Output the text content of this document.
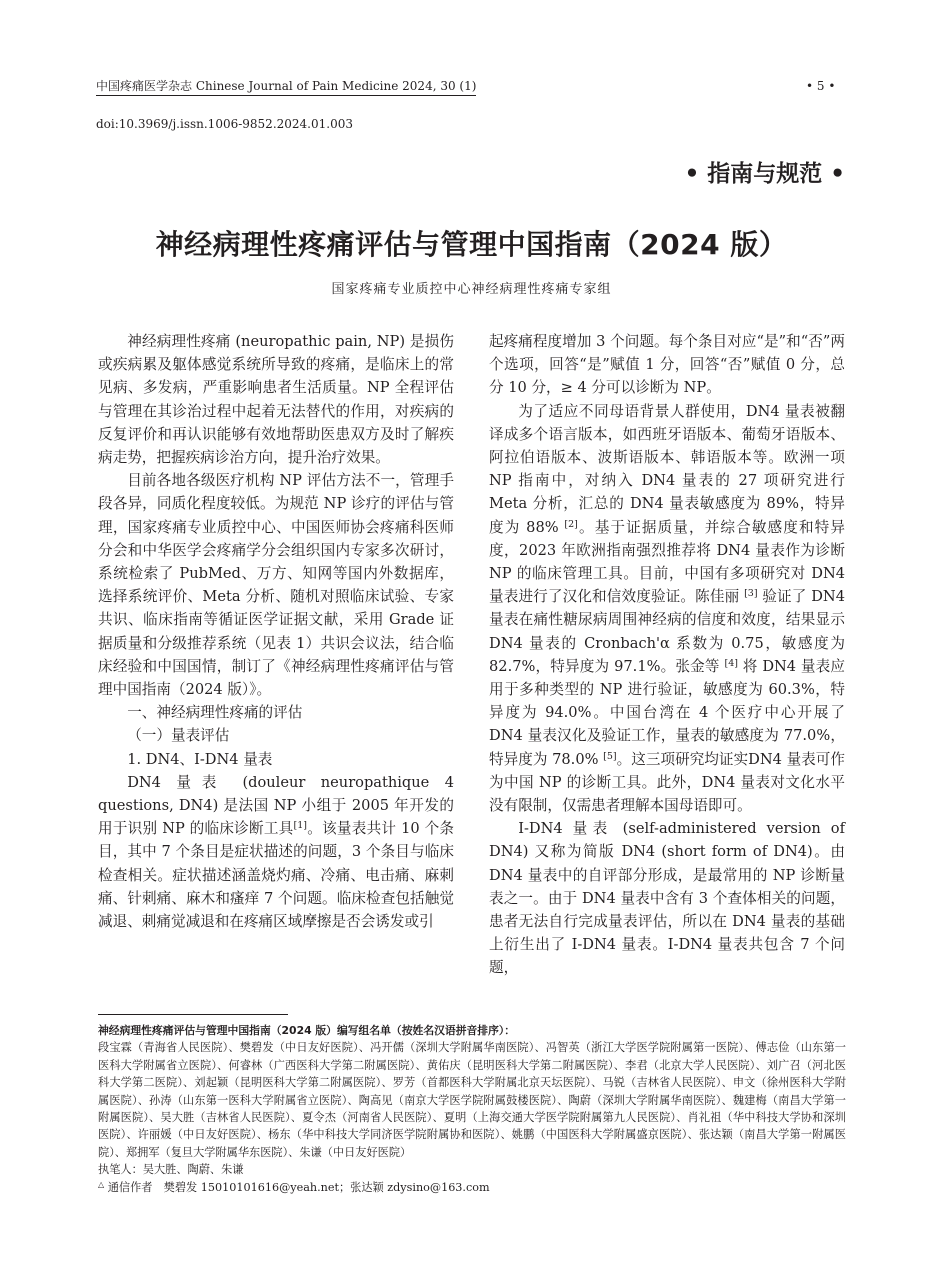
中国疼痛医学杂志 Chinese Journal of Pain Medicine 2024, 30 (1)	• 5 •
doi:10.3969/j.issn.1006-9852.2024.01.003
• 指南与规范 •
神经病理性疼痛评估与管理中国指南（2024 版）
国家疼痛专业质控中心神经病理性疼痛专家组

神经病理性疼痛 (neuropathic pain, NP) 是损伤或疾病累及躯体感觉系统所导致的疼痛，是临床上的常见病、多发病，严重影响患者生活质量。NP 全程评估与管理在其诊治过程中起着无法替代的作用，对疾病的反复评价和再认识能够有效地帮助医患双方及时了解疾病走势，把握疾病诊治方向，提升治疗效果。

目前各地各级医疗机构 NP 评估方法不一，管理手段各异，同质化程度较低。为规范 NP 诊疗的评估与管理，国家疼痛专业质控中心、中国医师协会疼痛科医师分会和中华医学会疼痛学分会组织国内专家多次研讨，系统检索了 PubMed、万方、知网等国内外数据库，选择系统评价、Meta 分析、随机对照临床试验、专家共识、临床指南等循证医学证据文献，采用 Grade 证据质量和分级推荐系统（见表 1）共识会议法，结合临床经验和中国国情，制订了《神经病理性疼痛评估与管理中国指南（2024 版）》。

一、神经病理性疼痛的评估
（一）量表评估
1. DN4、I-DN4 量表

DN4 量表 (douleur neuropathique 4 questions, DN4) 是法国 NP 小组于 2005 年开发的用于识别 NP 的临床诊断工具[1]。该量表共计 10 个条目，其中 7 个条目是症状描述的问题，3 个条目与临床检查相关。症状描述涵盖烧灼痛、冷痛、电击痛、麻刺痛、针刺痛、麻木和瘙痒 7 个问题。临床检查包括触觉减退、刺痛觉减退和在疼痛区域摩擦是否会诱发或引

起疼痛程度增加 3 个问题。每个条目对应“是”和“否”两个选项，回答“是”赋值 1 分，回答“否”赋值 0 分，总分 10 分，≥ 4 分可以诊断为 NP。

为了适应不同母语背景人群使用，DN4 量表被翻译成多个语言版本，如西班牙语版本、葡萄牙语版本、阿拉伯语版本、波斯语版本、韩语版本等。欧洲一项 NP 指南中，对纳入 DN4 量表的 27 项研究进行 Meta 分析，汇总的 DN4 量表敏感度为 89%，特异度为 88% [2]。基于证据质量，并综合敏感度和特异度，2023 年欧洲指南强烈推荐将 DN4 量表作为诊断 NP 的临床管理工具。目前，中国有多项研究对 DN4 量表进行了汉化和信效度验证。陈佳丽 [3] 验证了 DN4 量表在痛性糖尿病周围神经病的信度和效度，结果显示 DN4 量表的 Cronbach'α 系数为 0.75，敏感度为 82.7%，特异度为 97.1%。张金等 [4] 将 DN4 量表应用于多种类型的 NP 进行验证，敏感度为 60.3%，特异度为 94.0%。中国台湾在 4 个医疗中心开展了 DN4 量表汉化及验证工作，量表的敏感度为 77.0%，特异度为 78.0% [5]。这三项研究均证实DN4 量表可作为中国 NP 的诊断工具。此外，DN4 量表对文化水平没有限制，仅需患者理解本国母语即可。

I-DN4 量表 (self-administered version of DN4) 又称为简版 DN4 (short form of DN4)。由 DN4 量表中的自评部分形成，是最常用的 NP 诊断量表之一。由于 DN4 量表中含有 3 个查体相关的问题，患者无法自行完成量表评估，所以在 DN4 量表的基础上衍生出了 I-DN4 量表。I-DN4 量表共包含 7 个问题，

神经病理性疼痛评估与管理中国指南（2024 版）编写组名单（按姓名汉语拼音排序）：
段宝霖（青海省人民医院）、樊碧发（中日友好医院）、冯开儒（深圳大学附属华南医院）、冯智英（浙江大学医学院附属第一医院）、傅志俭（山东第一医科大学附属省立医院）、何睿林（广西医科大学第二附属医院）、黄佑庆（昆明医科大学第二附属医院）、李君（北京大学人民医院）、刘广召（河北医科大学第二医院）、刘起颖（昆明医科大学第二附属医院）、罗芳（首都医科大学附属北京天坛医院）、马锐（吉林省人民医院）、申文（徐州医科大学附属医院）、孙涛（山东第一医科大学附属省立医院）、陶高见（南京大学医学院附属鼓楼医院）、陶蔚（深圳大学附属华南医院）、魏建梅（南昌大学第一附属医院）、吴大胜（吉林省人民医院）、夏令杰（河南省人民医院）、夏明（上海交通大学医学院附属第九人民医院）、肖礼祖（华中科技大学协和深圳医院）、许丽媛（中日友好医院）、杨东（华中科技大学同济医学院附属协和医院）、姚鹏（中国医科大学附属盛京医院）、张达颖（南昌大学第一附属医院）、郑拥军（复旦大学附属华东医院）、朱谦（中日友好医院）
执笔人：吴大胜、陶蔚、朱谦
△ 通信作者　樊碧发 15010101616@yeah.net；张达颖 zdysino@163.com
